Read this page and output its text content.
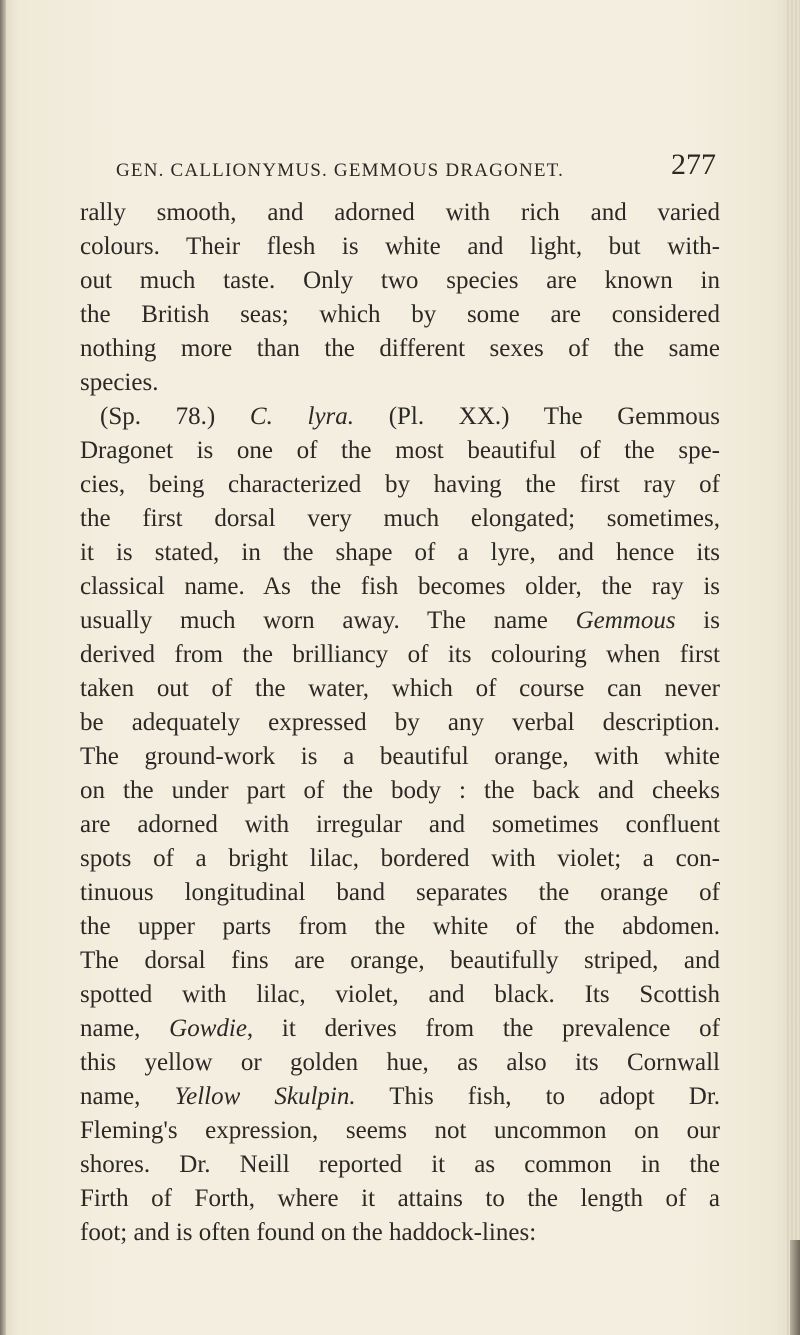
GEN. CALLIONYMUS. GEMMOUS DRAGONET.	277
rally smooth, and adorned with rich and varied
colours. Their flesh is white and light, but with-
out much taste. Only two species are known in
the British seas; which by some are considered
nothing more than the different sexes of the same
species.
(Sp. 78.) C. lyra. (Pl. XX.) The Gemmous
Dragonet is one of the most beautiful of the spe-
cies, being characterized by having the first ray of
the first dorsal very much elongated; sometimes,
it is stated, in the shape of a lyre, and hence its
classical name. As the fish becomes older, the ray is
usually much worn away. The name Gemmous is
derived from the brilliancy of its colouring when first
taken out of the water, which of course can never
be adequately expressed by any verbal description.
The ground-work is a beautiful orange, with white
on the under part of the body : the back and cheeks
are adorned with irregular and sometimes confluent
spots of a bright lilac, bordered with violet; a con-
tinuous longitudinal band separates the orange of
the upper parts from the white of the abdomen.
The dorsal fins are orange, beautifully striped, and
spotted with lilac, violet, and black. Its Scottish
name, Gowdie, it derives from the prevalence of
this yellow or golden hue, as also its Cornwall
name, Yellow Skulpin. This fish, to adopt Dr.
Fleming's expression, seems not uncommon on our
shores. Dr. Neill reported it as common in the
Firth of Forth, where it attains to the length of a
foot; and is often found on the haddock-lines:
